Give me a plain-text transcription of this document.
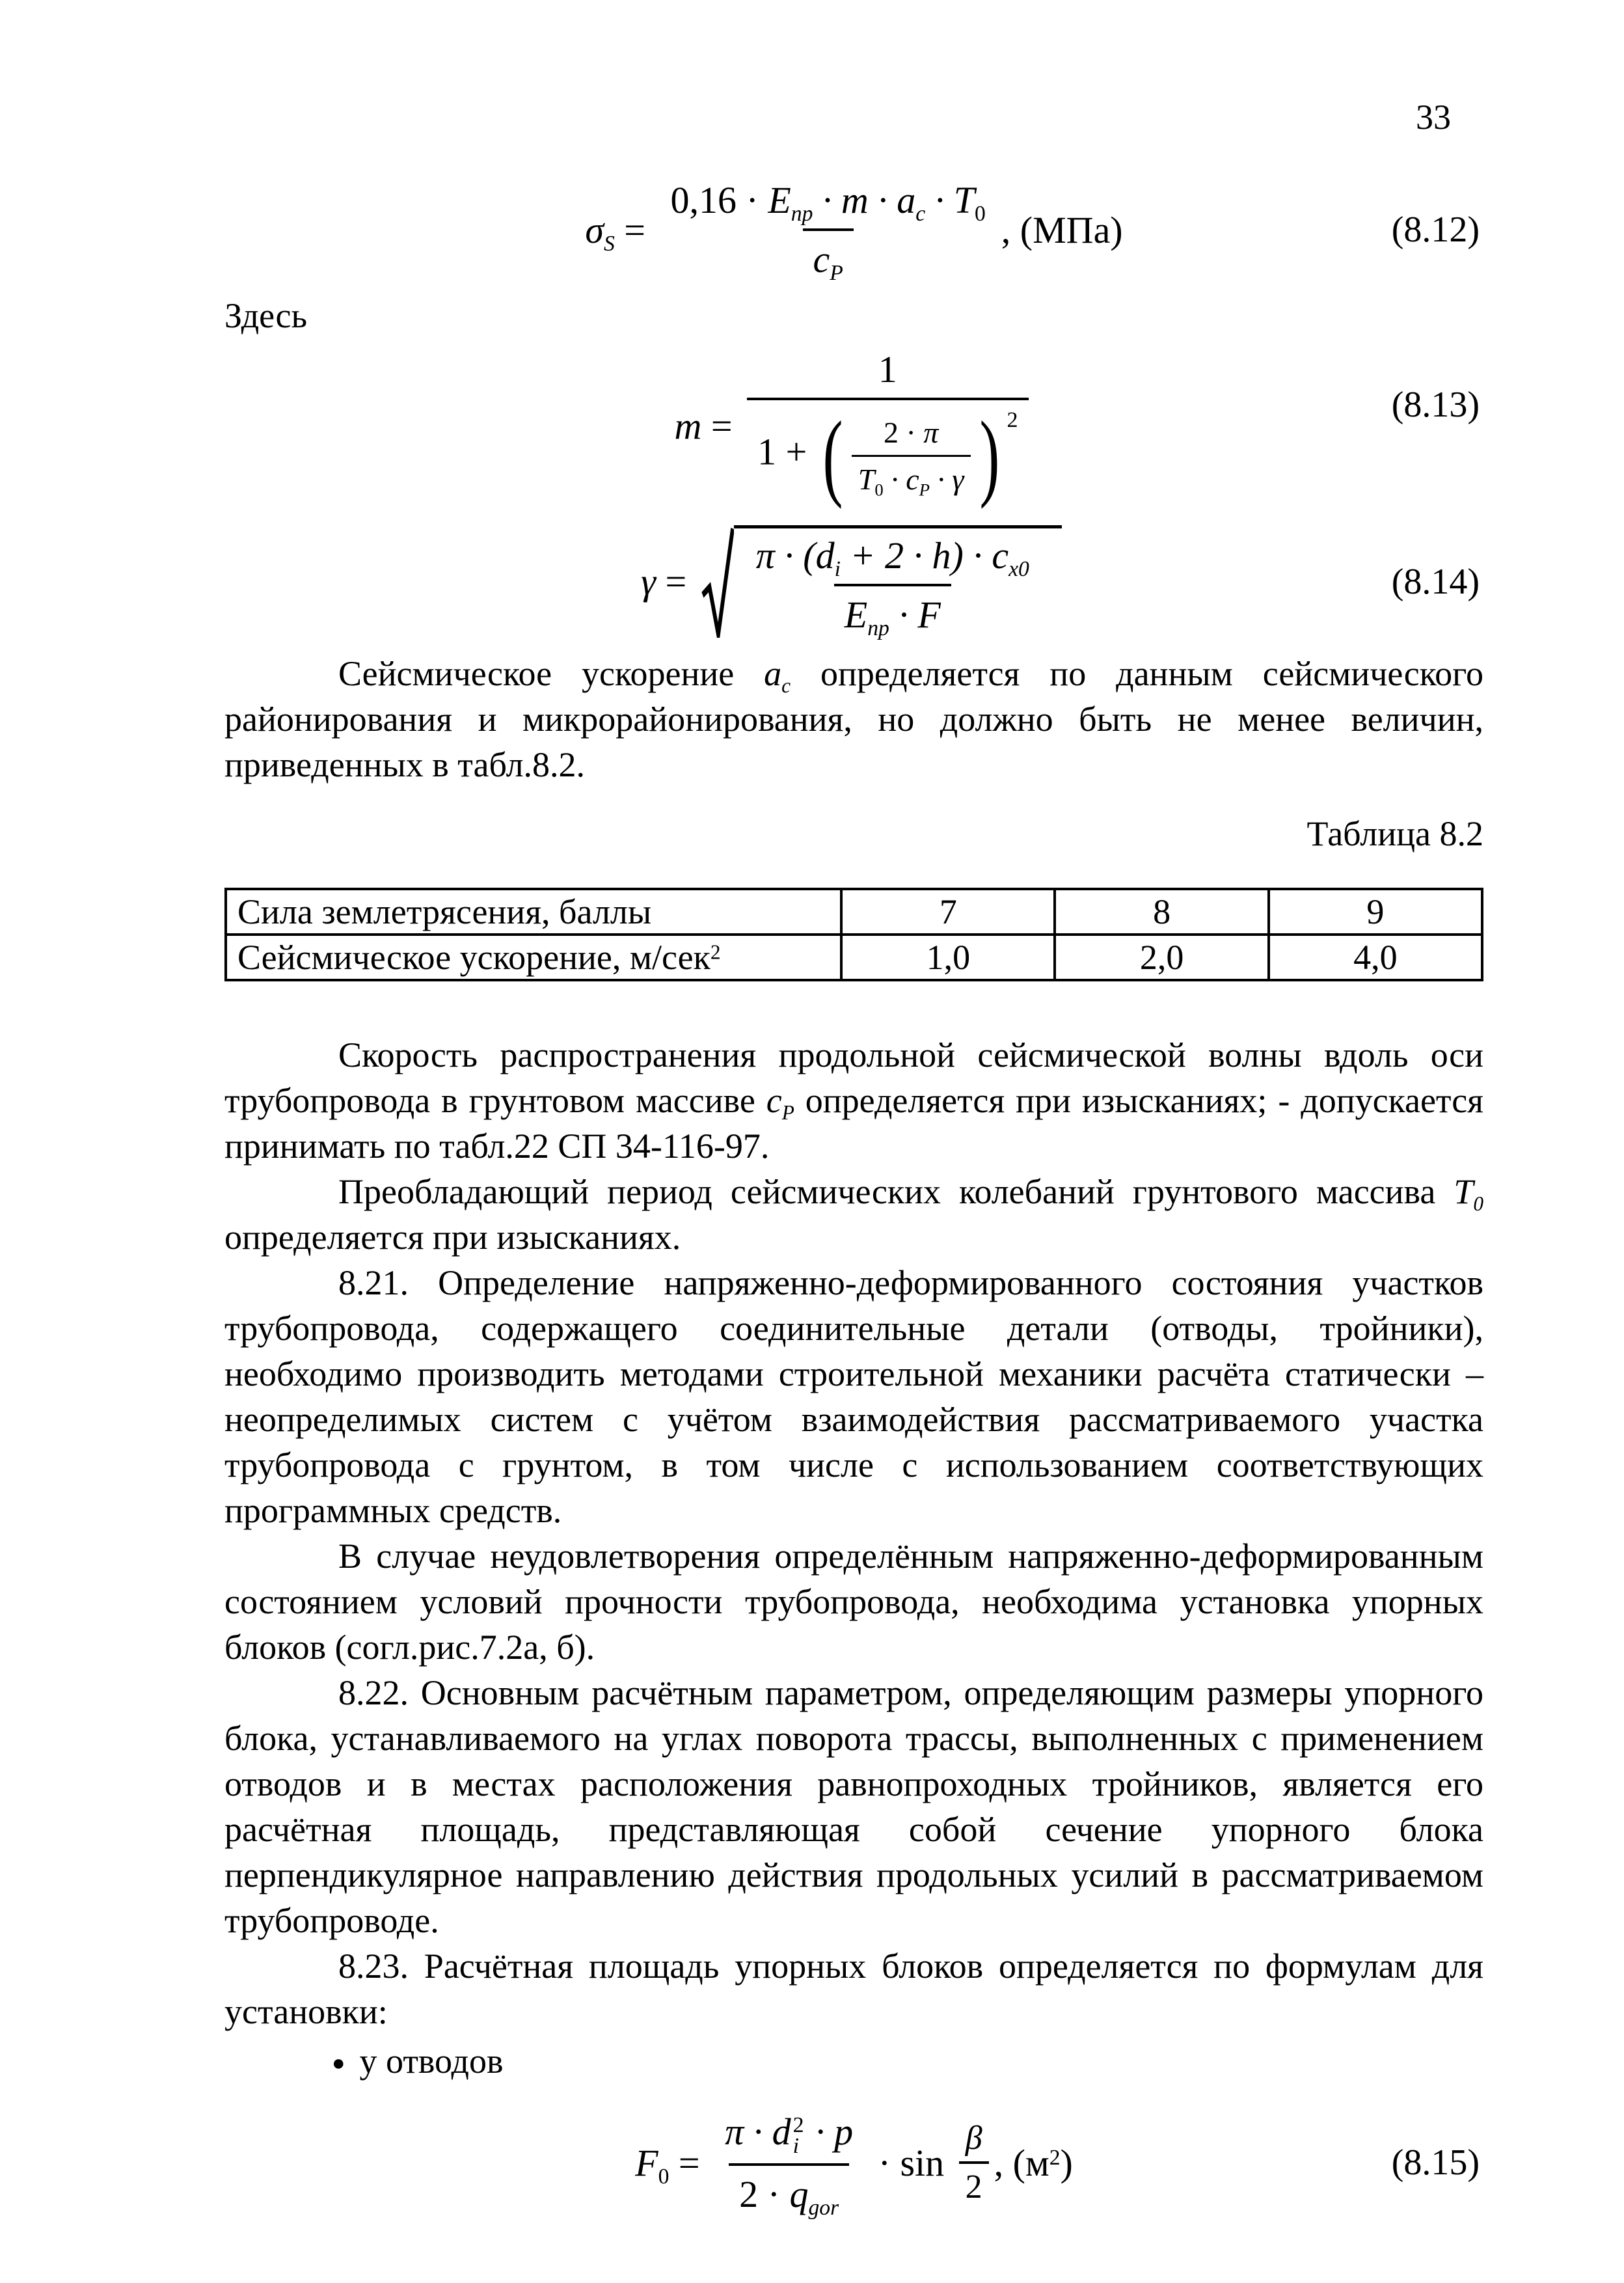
33
$\sigma_S = \frac{0,16 \cdot E_{пр} \cdot m \cdot a_c \cdot T_0}{c_P}$ , (МПа)	(8.12)
Здесь
$m = \frac{1}{1 + ( \frac{2 \cdot \pi}{T_0 \cdot c_P \cdot \gamma} ) 2}$	(8.13)
$\gamma = \frac{\pi \cdot (d_i + 2 \cdot h) \cdot c_{x0}}{E_{пр} \cdot F}$	(8.14)

Сейсмическое ускорение $a_c$ определяется по данным сейсмического районирования и микрорайонирования, но должно быть не менее величин, приведенных в табл.8.2.

Таблица 8.2
Сила землетрясения, баллы	7	8	9
Сейсмическое ускорение, м/сек$^2$	1,0	2,0	4,0

Скорость распространения продольной сейсмической волны вдоль оси трубопровода в грунтовом массиве $c_P$ определяется при изысканиях; - допускается принимать по табл.22 СП 34-116-97.

Преобладающий период сейсмических колебаний грунтового массива $T_0$ определяется при изысканиях.

8.21. Определение напряженно-деформированного состояния участков трубопровода, содержащего соединительные детали (отводы, тройники), необходимо производить методами строительной механики расчёта статически – неопределимых систем с учётом взаимодействия рассматриваемого участка трубопровода с грунтом, в том числе с использованием соответствующих программных средств.

В случае неудовлетворения определённым напряженно-деформированным состоянием условий прочности трубопровода, необходима установка упорных блоков (согл.рис.7.2а, б).

8.22. Основным расчётным параметром, определяющим размеры упорного блока, устанавливаемого на углах поворота трассы, выполненных с применением отводов и в местах расположения равнопроходных тройников, является его расчётная площадь, представляющая собой сечение упорного блока перпендикулярное направлению действия продольных усилий в рассматриваемом трубопроводе.

8.23. Расчётная площадь упорных блоков определяется по формулам для установки:

● у отводов
$F_0 = \pi \cdot d$ 2
i · p
$2 \cdot q_{gor} \cdot \sin \frac{\beta}{2}$ , $(м^2)$	(8.15)
